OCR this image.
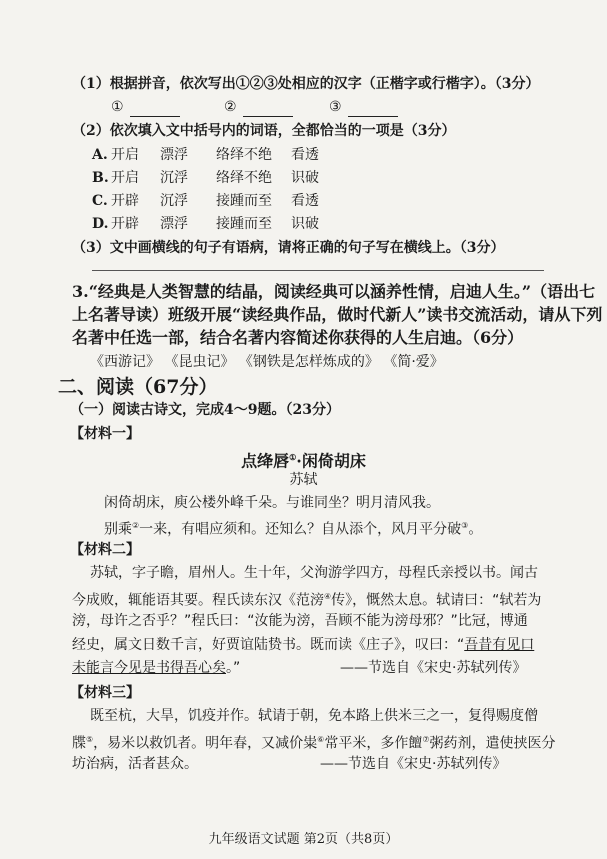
（1）根据拼音，依次写出①②③处相应的汉字（正楷字或行楷字）。（3分）
①	②	③
（2）依次填入文中括号内的词语，全都恰当的一项是（3分）
A. 开启 漂浮 络绎不绝 看透
B. 开启 沉浮 络绎不绝 识破
C. 开辟 沉浮 接踵而至 看透
D. 开辟 漂浮 接踵而至 识破
（3）文中画横线的句子有语病，请将正确的句子写在横线上。（3分）
3.“经典是人类智慧的结晶，阅读经典可以涵养性情，启迪人生。”（语出七
上名著导读）班级开展“读经典作品，做时代新人”读书交流活动，请从下列
名著中任选一部，结合名著内容简述你获得的人生启迪。（6分）
《西游记》 《昆虫记》 《钢铁是怎样炼成的》 《简·爱》
二、阅读（67分）
（一）阅读古诗文，完成4～9题。（23分）
【材料一】
点绛唇①·闲倚胡床
苏轼
闲倚胡床，庾公楼外峰千朵。与谁同坐？明月清风我。
别乘②一来，有唱应须和。还知么？自从添个，风月平分破③。
【材料二】
苏轼，字子瞻，眉州人。生十年，父洵游学四方，母程氏亲授以书。闻古
今成败，辄能语其要。程氏读东汉《范滂④传》，慨然太息。轼请曰：“轼若为
滂，母许之否乎？”程氏曰：“汝能为滂，吾顾不能为滂母邪？”比冠，博通
经史，属文日数千言，好贾谊陆贽书。既而读《庄子》，叹曰：“吾昔有见口
未能言今见是书得吾心矣。”	——节选自《宋史·苏轼列传》
【材料三】
既至杭，大旱，饥疫并作。轼请于朝，免本路上供米三之一，复得赐度僧
牒⑤，易米以救饥者。明年春，又减价粜⑥常平米，多作饘⑦粥药剂，遣使挟医分
坊治病，活者甚众。	——节选自《宋史·苏轼列传》
九年级语文试题 第2页（共8页）
